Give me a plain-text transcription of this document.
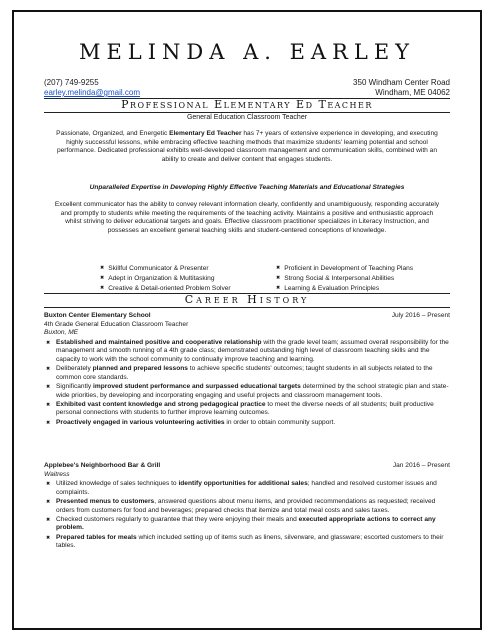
MELINDA A. EARLEY
(207) 749-9255	350 Windham Center Road
earley.melinda@gmail.com	Windham, ME 04062
Professional Elementary Ed Teacher
General Education Classroom Teacher
Passionate, Organized, and Energetic Elementary Ed Teacher has 7+ years of extensive experience in developing, and executing highly successful lessons, while embracing effective teaching methods that maximize students' learning potential and school performance. Dedicated professional exhibits well-developed classroom management and communication skills, combined with an ability to create and deliver content that engages students.
Unparalleled Expertise in Developing Highly Effective Teaching Materials and Educational Strategies
Excellent communicator has the ability to convey relevant information clearly, confidently and unambiguously, responding accurately and promptly to students while meeting the requirements of the teaching activity. Maintains a positive and enthusiastic approach whilst striving to deliver educational targets and goals. Effective classroom practitioner specializes in Literacy Instruction, and possesses an excellent general teaching skills and student-centered conceptions of knowledge.
✖ Skillful Communicator & Presenter	✖ Proficient in Development of Teaching Plans
✖ Adept in Organization & Multitasking	✖ Strong Social & Interpersonal Abilities
✖ Creative & Detail-oriented Problem Solver	✖ Learning & Evaluation Principles
Career History
Buxton Center Elementary School	July 2016 – Present
4th Grade General Education Classroom Teacher
Buxton, ME
✖ Established and maintained positive and cooperative relationship with the grade level team; assumed overall responsibility for the management and smooth running of a 4th grade class; demonstrated outstanding high level of classroom teaching skills and the capacity to work with the school community to continually improve teaching and learning.
✖ Deliberately planned and prepared lessons to achieve specific students' outcomes; taught students in all subjects related to the common core standards.
✖ Significantly improved student performance and surpassed educational targets determined by the school strategic plan and state-wide priorities, by developing and incorporating engaging and useful projects and classroom management tools.
✖ Exhibited vast content knowledge and strong pedagogical practice to meet the diverse needs of all students; built productive personal connections with students to further improve learning outcomes.
✖ Proactively engaged in various volunteering activities in order to obtain community support.
Applebee's Neighborhood Bar & Grill	Jan 2016 – Present
Waitress
✖ Utilized knowledge of sales techniques to identify opportunities for additional sales; handled and resolved customer issues and complaints.
✖ Presented menus to customers, answered questions about menu items, and provided recommendations as requested; received orders from customers for food and beverages; prepared checks that itemize and total meal costs and sales taxes.
✖ Checked customers regularly to guarantee that they were enjoying their meals and executed appropriate actions to correct any problem.
✖ Prepared tables for meals which included setting up of items such as linens, silverware, and glassware; escorted customers to their tables.
